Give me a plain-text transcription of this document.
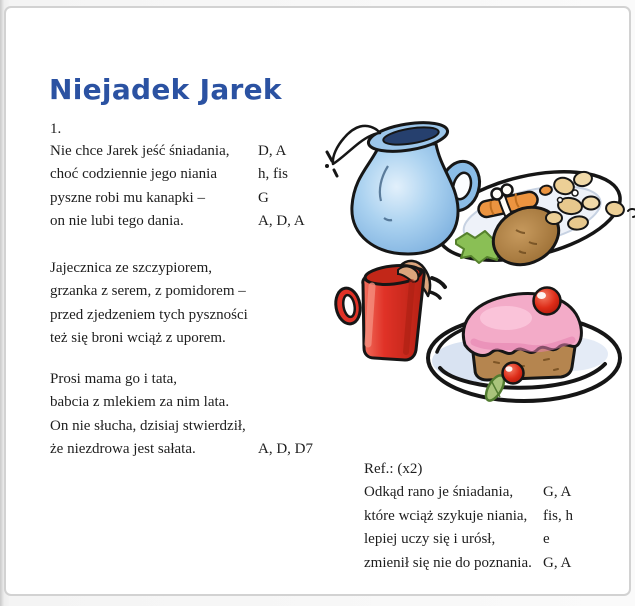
Niejadek Jarek
1.
Nie chce Jarek jeść śniadania,	D, A
choć codziennie jego niania	h, fis
pyszne robi mu kanapki –	G
on nie lubi tego dania.	A, D, A
Jajecznica ze szczypiorem,
grzanka z serem, z pomidorem –
przed zjedzeniem tych pyszności
też się broni wciąż z uporem.
Prosi mama go i tata,
babcia z mlekiem za nim lata.
On nie słucha, dzisiaj stwierdził,
że niezdrowa jest sałata.	A, D, D7
Ref.: (x2)
Odkąd rano je śniadania,	G, A
które wciąż szykuje niania,	fis, h
lepiej uczy się i urósł,	e
zmienił się nie do poznania. G, A
